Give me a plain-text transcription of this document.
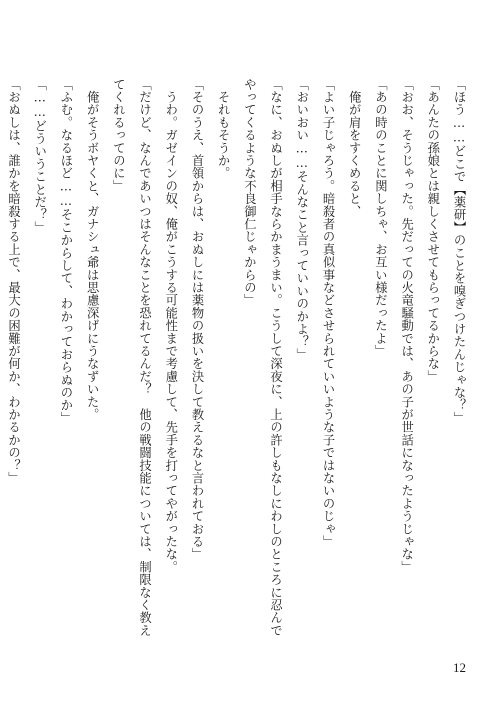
「ほう……どこで【薬研】のことを嗅ぎつけたんじゃな？」
「あんたの孫娘とは親しくさせてもらってるからな」
「おお、そうじゃった。先だっての火竜騒動では、あの子が世話になったようじゃな」
「あの時のことに関しちゃ、お互い様だったよ」
　俺が肩をすくめると、
「よい子じゃろう。暗殺者の真似事などさせられていいような子ではないのじゃ」
「おいおい……そんなこと言っていいのかよ？」
「なに、おぬしが相手ならかまうまい。こうして深夜に、上の許しもなしにわしのところに忍んで
やってくるような不良御仁じゃからの」
　それもそうか。
「そのうえ、首領からは、おぬしには薬物の扱いを決して教えるなと言われておる」
　うわ。ガゼインの奴、俺がこうする可能性まで考慮して、先手を打ってやがったな。
「だけど、なんであいつはそんなことを恐れてるんだ？　他の戦闘技能については、制限なく教え
てくれるってのに」
　俺がそうボヤくと、ガナシュ爺は思慮深げにうなずいた。
「ふむ。なるほど……そこからして、わかっておらぬのか」
「……どういうことだ？」
「おぬしは、誰かを暗殺する上で、最大の困難が何か、わかるかの？」
12
